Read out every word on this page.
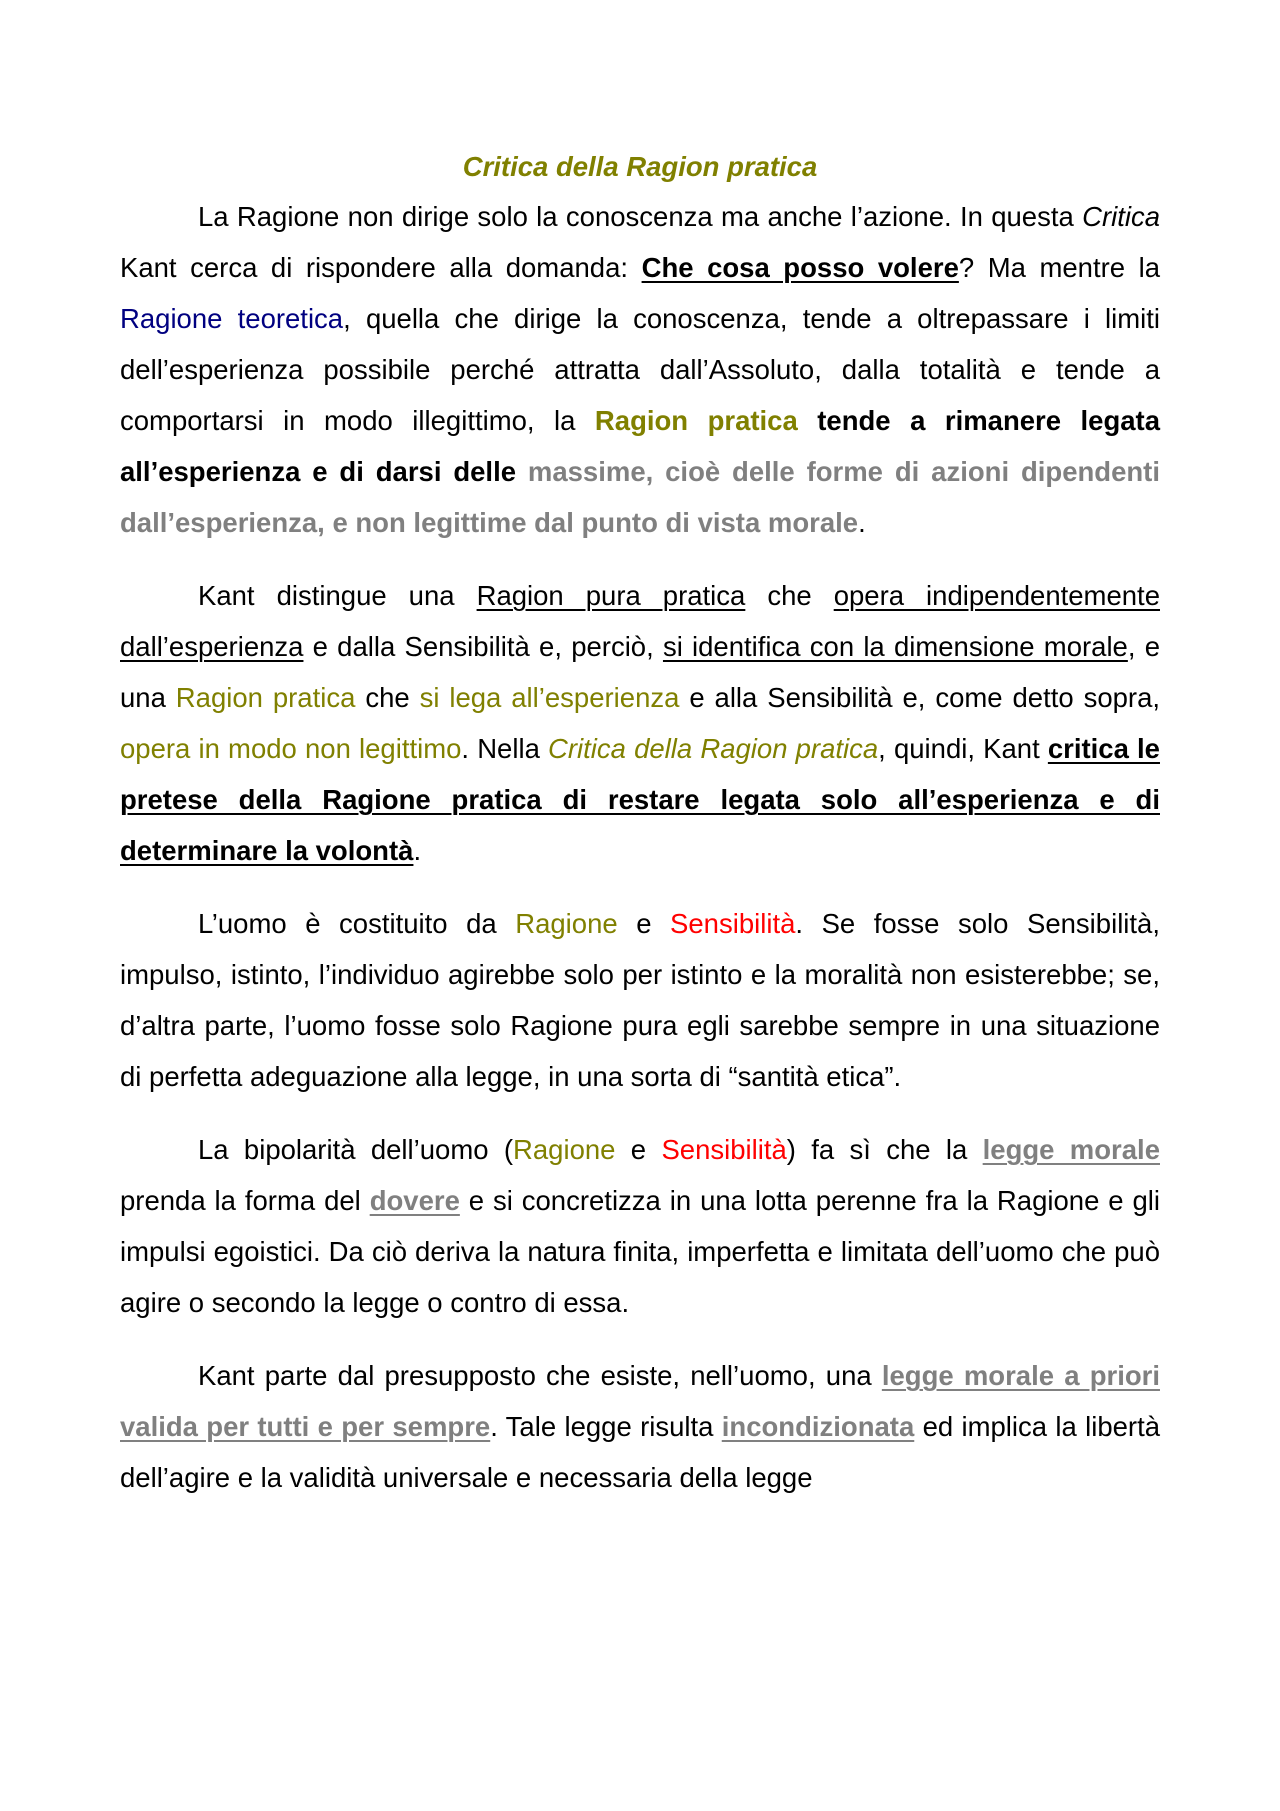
Critica della Ragion pratica

La Ragione non dirige solo la conoscenza ma anche l’azione. In questa Critica Kant cerca di rispondere alla domanda: Che cosa posso volere? Ma mentre la Ragione teoretica, quella che dirige la conoscenza, tende a oltrepassare i limiti dell’esperienza possibile perché attratta dall’Assoluto, dalla totalità e tende a comportarsi in modo illegittimo, la Ragion pratica tende a rimanere legata all’esperienza e di darsi delle massime, cioè delle forme di azioni dipendenti dall’esperienza, e non legittime dal punto di vista morale.

Kant distingue una Ragion pura pratica che opera indipendentemente dall’esperienza e dalla Sensibilità e, perciò, si identifica con la dimensione morale, e una Ragion pratica che si lega all’esperienza e alla Sensibilità e, come detto sopra, opera in modo non legittimo. Nella Critica della Ragion pratica, quindi, Kant critica le pretese della Ragione pratica di restare legata solo all’esperienza e di determinare la volontà.

L’uomo è costituito da Ragione e Sensibilità. Se fosse solo Sensibilità, impulso, istinto, l’individuo agirebbe solo per istinto e la moralità non esisterebbe; se, d’altra parte, l’uomo fosse solo Ragione pura egli sarebbe sempre in una situazione di perfetta adeguazione alla legge, in una sorta di “santità etica”.

La bipolarità dell’uomo (Ragione e Sensibilità) fa sì che la legge morale prenda la forma del dovere e si concretizza in una lotta perenne fra la Ragione e gli impulsi egoistici. Da ciò deriva la natura finita, imperfetta e limitata dell’uomo che può agire o secondo la legge o contro di essa.

Kant parte dal presupposto che esiste, nell’uomo, una legge morale a priori valida per tutti e per sempre. Tale legge risulta incondizionata ed implica la libertà dell’agire e la validità universale e necessaria della legge
